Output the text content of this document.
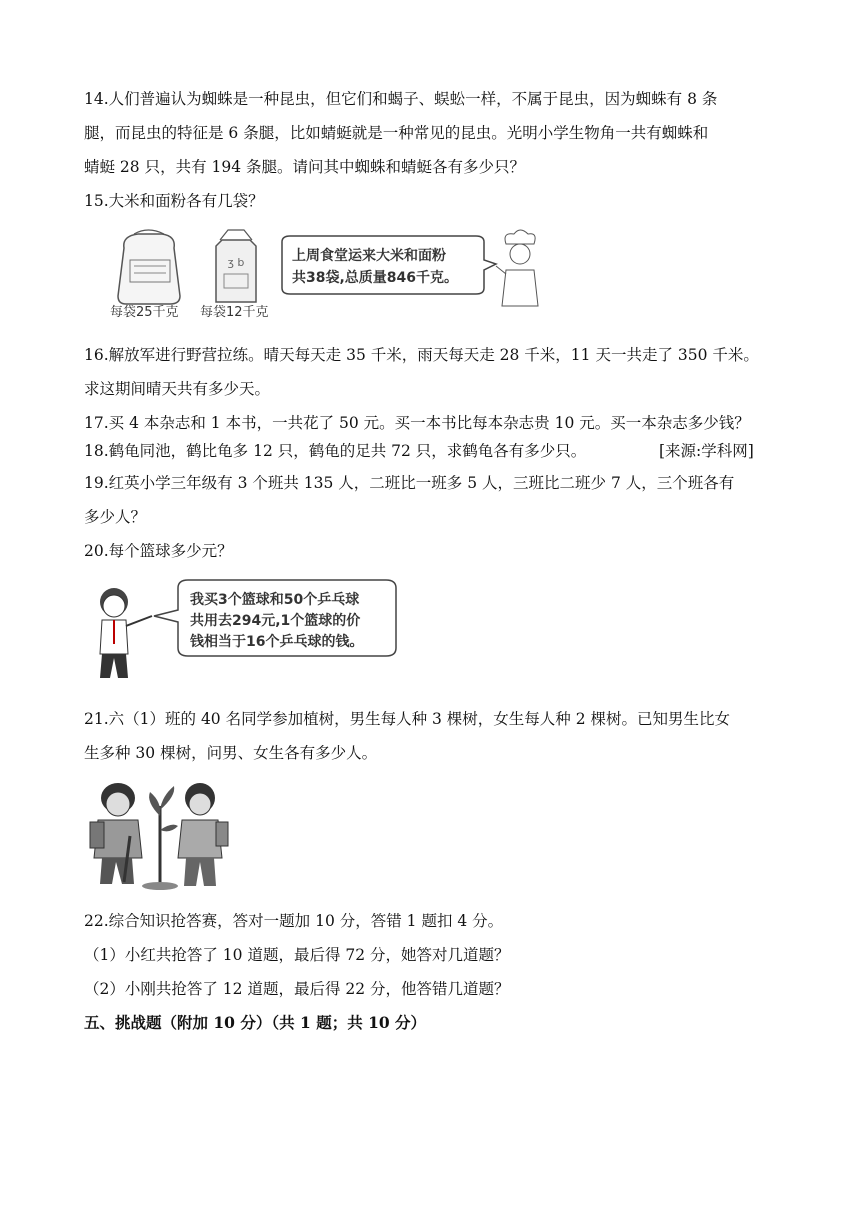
14.人们普遍认为蜘蛛是一种昆虫，但它们和蝎子、蜈蚣一样，不属于昆虫，因为蜘蛛有 8 条

腿，而昆虫的特征是 6 条腿，比如蜻蜓就是一种常见的昆虫。光明小学生物角一共有蜘蛛和

蜻蜓 28 只，共有 194 条腿。请问其中蜘蛛和蜻蜓各有多少只？

15.大米和面粉各有几袋？

ʒ b
每袋25千克 每袋12千克
上周食堂运来大米和面粉
共38袋,总质量846千克。

16.解放军进行野营拉练。晴天每天走 35 千米，雨天每天走 28 千米，11 天一共走了 350 千米。

求这期间晴天共有多少天。

17.买 4 本杂志和 1 本书，一共花了 50 元。买一本书比每本杂志贵 10 元。买一本杂志多少钱？

18.鹤龟同池，鹤比龟多 12 只，鹤龟的足共 72 只，求鹤龟各有多少只。	[来源:学科网]

19.红英小学三年级有 3 个班共 135 人，二班比一班多 5 人，三班比二班少 7 人，三个班各有

多少人？

20.每个篮球多少元？

我买3个篮球和50个乒乓球
共用去294元,1个篮球的价
钱相当于16个乒乓球的钱。

21.六（1）班的 40 名同学参加植树，男生每人种 3 棵树，女生每人种 2 棵树。已知男生比女

生多种 30 棵树，问男、女生各有多少人。

22.综合知识抢答赛，答对一题加 10 分，答错 1 题扣 4 分。

（1）小红共抢答了 10 道题，最后得 72 分，她答对几道题？

（2）小刚共抢答了 12 道题，最后得 22 分，他答错几道题？

五、挑战题（附加 10 分）（共 1 题；共 10 分）
